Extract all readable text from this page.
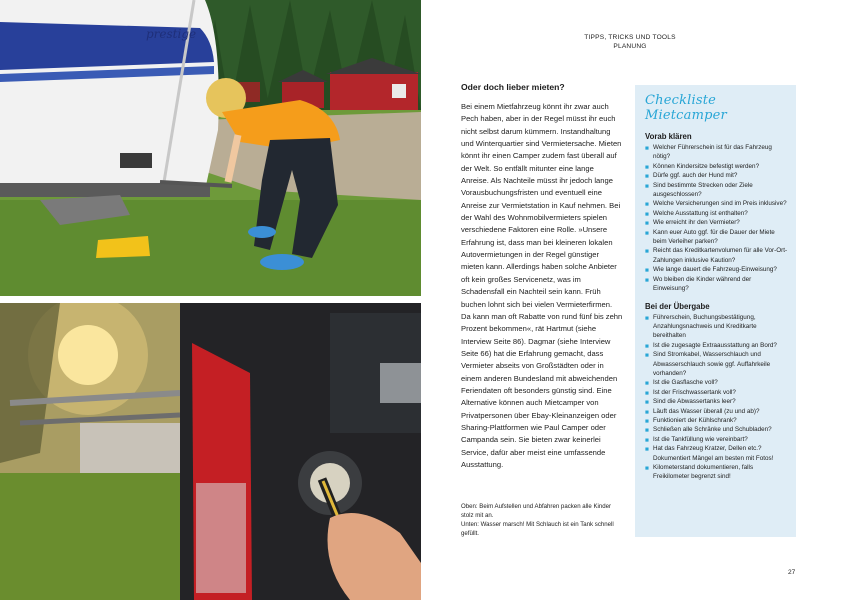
prestige	TIPPS, TRICKS UND TOOLS
PLANUNG
Oder doch lieber mieten?

Bei einem Mietfahrzeug könnt ihr zwar auch Pech haben, aber in der Regel müsst ihr euch nicht selbst darum kümmern. Instandhaltung und Winterquartier sind Vermietersache. Mieten könnt ihr einen Camper zudem fast überall auf der Welt. So entfällt mitunter eine lange Anreise. Als Nachteile müsst ihr jedoch lange Vorausbuchungsfristen und eventuell eine Anreise zur Vermietstation in Kauf nehmen. Bei der Wahl des Wohnmobilvermieters spielen verschiedene Faktoren eine Rolle. »Unsere Erfahrung ist, dass man bei kleineren lokalen Autovermietungen in der Regel günstiger mieten kann. Allerdings haben solche Anbieter oft kein großes Servicenetz, was im Schadensfall ein Nachteil sein kann. Früh buchen lohnt sich bei vielen Vermieterfirmen. Da kann man oft Rabatte von rund fünf bis zehn Prozent bekommen«, rät Hartmut (siehe Interview Seite 86). Dagmar (siehe Interview Seite 66) hat die Erfahrung gemacht, dass Vermieter abseits von Großstädten oder in einem anderen Bundesland mit abweichenden Feriendaten oft besonders günstig sind. Eine Alternative können auch Mietcamper von Privatpersonen über Ebay-Kleinanzeigen oder Sharing-Plattformen wie Paul Camper oder Campanda sein. Sie bieten zwar keinerlei Service, dafür aber meist eine umfassende Ausstattung.

Oben: Beim Aufstellen und Abfahren packen alle Kinder stolz mit an.
Unten: Wasser marsch! Mit Schlauch ist ein Tank schnell gefüllt.
Checkliste Mietcamper
Vorab klären
■ Welcher Führerschein ist für das Fahrzeug nötig?
■ Können Kindersitze befestigt werden?
■ Dürfe ggf. auch der Hund mit?
■ Sind bestimmte Strecken oder Ziele ausgeschlossen?
■ Welche Versicherungen sind im Preis inklusive?
■ Welche Ausstattung ist enthalten?
■ Wie erreicht ihr den Vermieter?
■ Kann euer Auto ggf. für die Dauer der Miete beim Verleiher parken?
■ Reicht das Kreditkartenvolumen für alle Vor-Ort-Zahlungen inklusive Kaution?
■ Wie lange dauert die Fahrzeug-Einweisung?
■ Wo bleiben die Kinder während der Einweisung?
Bei der Übergabe
■ Führerschein, Buchungsbestätigung, Anzahlungsnachweis und Kreditkarte bereithalten
■ Ist die zugesagte Extraausstattung an Bord?
■ Sind Stromkabel, Wasserschlauch und Abwasserschlauch sowie ggf. Auffahrkeile vorhanden?
■ Ist die Gasflasche voll?
■ Ist der Frischwassertank voll?
■ Sind die Abwassertanks leer?
■ Läuft das Wasser überall (zu und ab)?
■ Funktioniert der Kühlschrank?
■ Schließen alle Schränke und Schubladen?
■ Ist die Tankfüllung wie vereinbart?
■ Hat das Fahrzeug Kratzer, Dellen etc.? Dokumentiert Mängel am besten mit Fotos!
■ Kilometerstand dokumentieren, falls Freikilometer begrenzt sind!
27
